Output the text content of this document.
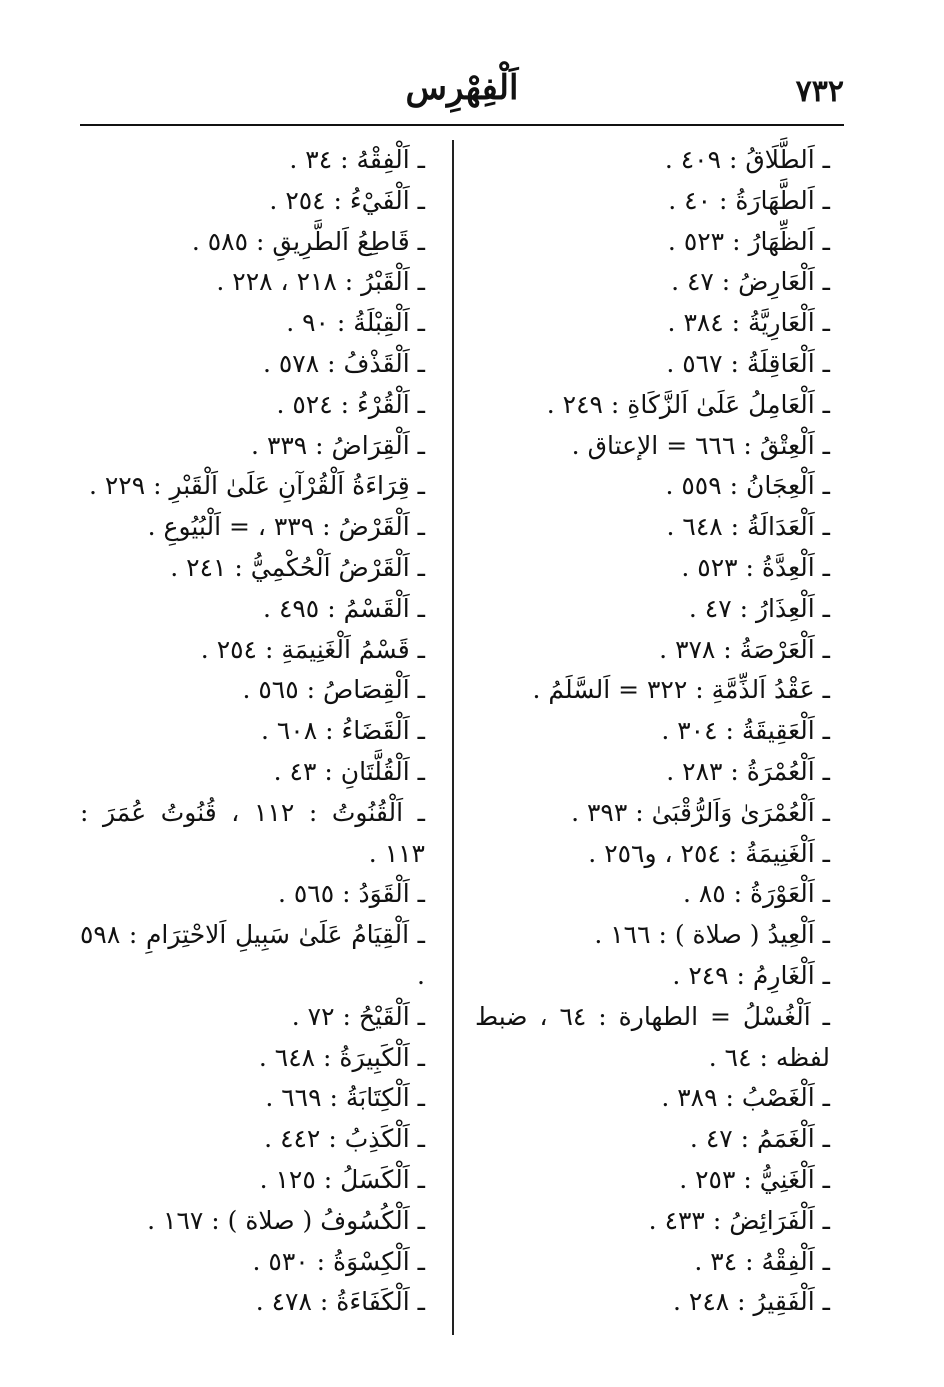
٧٣٢
اَلْفِهْرِس
ـ اَلطَّلَاقُ : ٤٠٩ .
ـ اَلطَّهَارَةُ : ٤٠ .
ـ اَلظِّهَارُ : ٥٢٣ .
ـ اَلْعَارِضُ : ٤٧ .
ـ اَلْعَارِيَّةُ : ٣٨٤ .
ـ اَلْعَاقِلَةُ : ٥٦٧ .
ـ اَلْعَامِلُ عَلَىٰ اَلزَّكَاةِ : ٢٤٩ .
ـ اَلْعِتْقُ : ٦٦٦ = الإعتاق .
ـ اَلْعِجَانُ : ٥٥٩ .
ـ اَلْعَدَالَةُ : ٦٤٨ .
ـ اَلْعِدَّةُ : ٥٢٣ .
ـ اَلْعِذَارُ : ٤٧ .
ـ اَلْعَرْصَةُ : ٣٧٨ .
ـ عَقْدُ اَلذِّمَّةِ : ٣٢٢ = اَلسَّلَمُ .
ـ اَلْعَقِيقَةُ : ٣٠٤ .
ـ اَلْعُمْرَةُ : ٢٨٣ .
ـ اَلْعُمْرَىٰ وَاَلرُّقْبَىٰ : ٣٩٣ .
ـ اَلْغَنِيمَةُ : ٢٥٤ ، و٢٥٦ .
ـ اَلْعَوْرَةُ : ٨٥ .
ـ اَلْعِيدُ ( صلاة ) : ١٦٦ .
ـ اَلْغَارِمُ : ٢٤٩ .
ـ اَلْغُسْلُ = الطهارة : ٦٤ ، ضبط لفظه : ٦٤ .
ـ اَلْغَصْبُ : ٣٨٩ .
ـ اَلْغَمَمُ : ٤٧ .
ـ اَلْغَنِيُّ : ٢٥٣ .
ـ اَلْفَرَائِضُ : ٤٣٣ .
ـ اَلْفِقْهُ : ٣٤ .
ـ اَلْفَقِيرُ : ٢٤٨ .
ـ اَلْفِقْهُ : ٣٤ .
ـ اَلْفَيْءُ : ٢٥٤ .
ـ قَاطِعُ اَلطَّرِيقِ : ٥٨٥ .
ـ اَلْقَبْرُ : ٢١٨ ، ٢٢٨ .
ـ اَلْقِبْلَةُ : ٩٠ .
ـ اَلْقَذْفُ : ٥٧٨ .
ـ اَلْقُرْءُ : ٥٢٤ .
ـ اَلْقِرَاضُ : ٣٣٩ .
ـ قِرَاءَةُ اَلْقُرْآنِ عَلَىٰ اَلْقَبْرِ : ٢٢٩ .
ـ اَلْقَرْضُ : ٣٣٩ ، = اَلْبُيُوعِ .
ـ اَلْقَرْضُ اَلْحُكْمِيُّ : ٢٤١ .
ـ اَلْقَسْمُ : ٤٩٥ .
ـ قَسْمُ اَلْغَنِيمَةِ : ٢٥٤ .
ـ اَلْقِصَاصُ : ٥٦٥ .
ـ اَلْقَضَاءُ : ٦٠٨ .
ـ اَلْقُلَّتَانِ : ٤٣ .
ـ اَلْقُنُوتُ : ١١٢ ، قُنُوتُ عُمَرَ : ١١٣ .
ـ اَلْقَوَدُ : ٥٦٥ .
ـ اَلْقِيَامُ عَلَىٰ سَبِيلِ اَلاحْتِرَامِ : ٥٩٨ .
ـ اَلْقَيْحُ : ٧٢ .
ـ اَلْكَبِيرَةُ : ٦٤٨ .
ـ اَلْكِتَابَةُ : ٦٦٩ .
ـ اَلْكَذِبُ : ٤٤٢ .
ـ اَلْكَسَلُ : ١٢٥ .
ـ اَلْكُسُوفُ ( صلاة ) : ١٦٧ .
ـ اَلْكِسْوَةُ : ٥٣٠ .
ـ اَلْكَفَاءَةُ : ٤٧٨ .
